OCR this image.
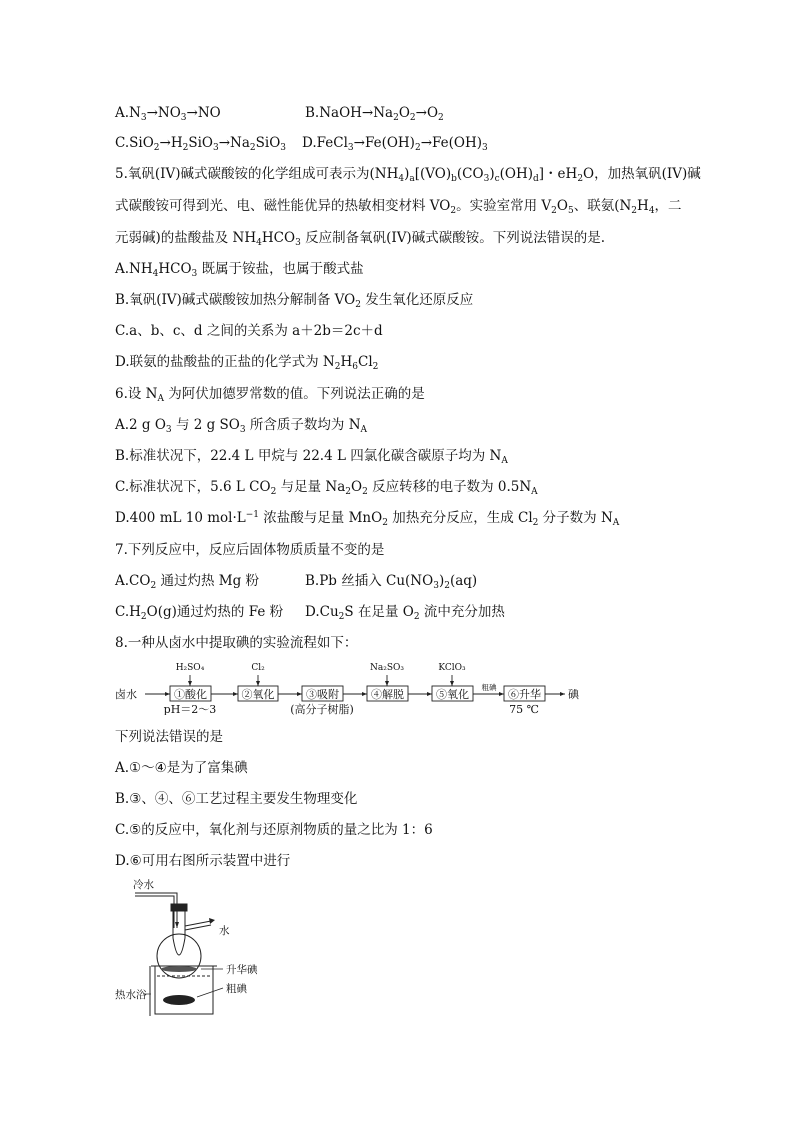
$A.N_3\to NO_3\to NO$	$B.NaOH\to Na_2O_2\to O_2$
$C.SiO_2\to H_2SiO_3\to Na_2SiO_3$ $D.FeCl_3\to Fe(OH)_2\to Fe(OH)_3$
5.氧矾(IV)碱式碳酸铵的化学组成可表示为$(NH_4)_a[(VO)_b(CO_3)_c(OH)_d]$・$eH_2O$，加热氧矾(IV)碱
式碳酸铵可得到光、电、磁性能优异的热敏相变材料 $VO_2$。实验室常用 $V_2O_5$、联氨($N_2H_4$，二
元弱碱)的盐酸盐及 $NH_4HCO_3$ 反应制备氧矾(IV)碱式碳酸铵。下列说法错误的是.
$A.NH_4HCO_3$ 既属于铵盐，也属于酸式盐
B.氧矾(IV)碱式碳酸铵加热分解制备 $VO_2$ 发生氧化还原反应
C.a、b、c、d 之间的关系为 a＋2b＝2c＋d
D.联氨的盐酸盐的正盐的化学式为 $N_2H_6Cl_2$
6.设 $N_A$ 为阿伏加德罗常数的值。下列说法正确的是
A.2 g $O_3$ 与 2 g $SO_3$ 所含质子数均为 $N_A$
B.标准状况下，22.4 L 甲烷与 22.4 L 四氯化碳含碳原子均为 $N_A$
C.标准状况下，5.6 L $CO_2$ 与足量 $Na_2O_2$ 反应转移的电子数为 $0.5N_A$
D.400 mL 10 $mol\cdot L^{-1}$ 浓盐酸与足量 MnO$_2$ 加热充分反应，生成 $Cl_2$ 分子数为 $N_A$
7.下列反应中，反应后固体物质质量不变的是
$A.CO_2$ 通过灼热 Mg 粉	B.Pb 丝插入 $Cu(NO_3)_2(aq)$
$C.H_2O(g)$通过灼热的 Fe 粉 $D.Cu_2S$ 在足量 $O_2$ 流中充分加热
8.一种从卤水中提取碘的实验流程如下：
卤水	碘
①酸化	②氧化	③吸附	④解脱	⑤氧化	⑥升华
H₂SO₄	Cl₂	Na₂SO₃	KClO₃
粗碘
pH＝2～3	(高分子树脂)	75 ℃
下列说法错误的是
A.①～④是为了富集碘
B.③、④、⑥工艺过程主要发生物理变化
C.⑤的反应中，氧化剂与还原剂物质的量之比为 1：6
D.⑥可用右图所示装置中进行
冷水
水
升华碘
粗碘
热水浴
